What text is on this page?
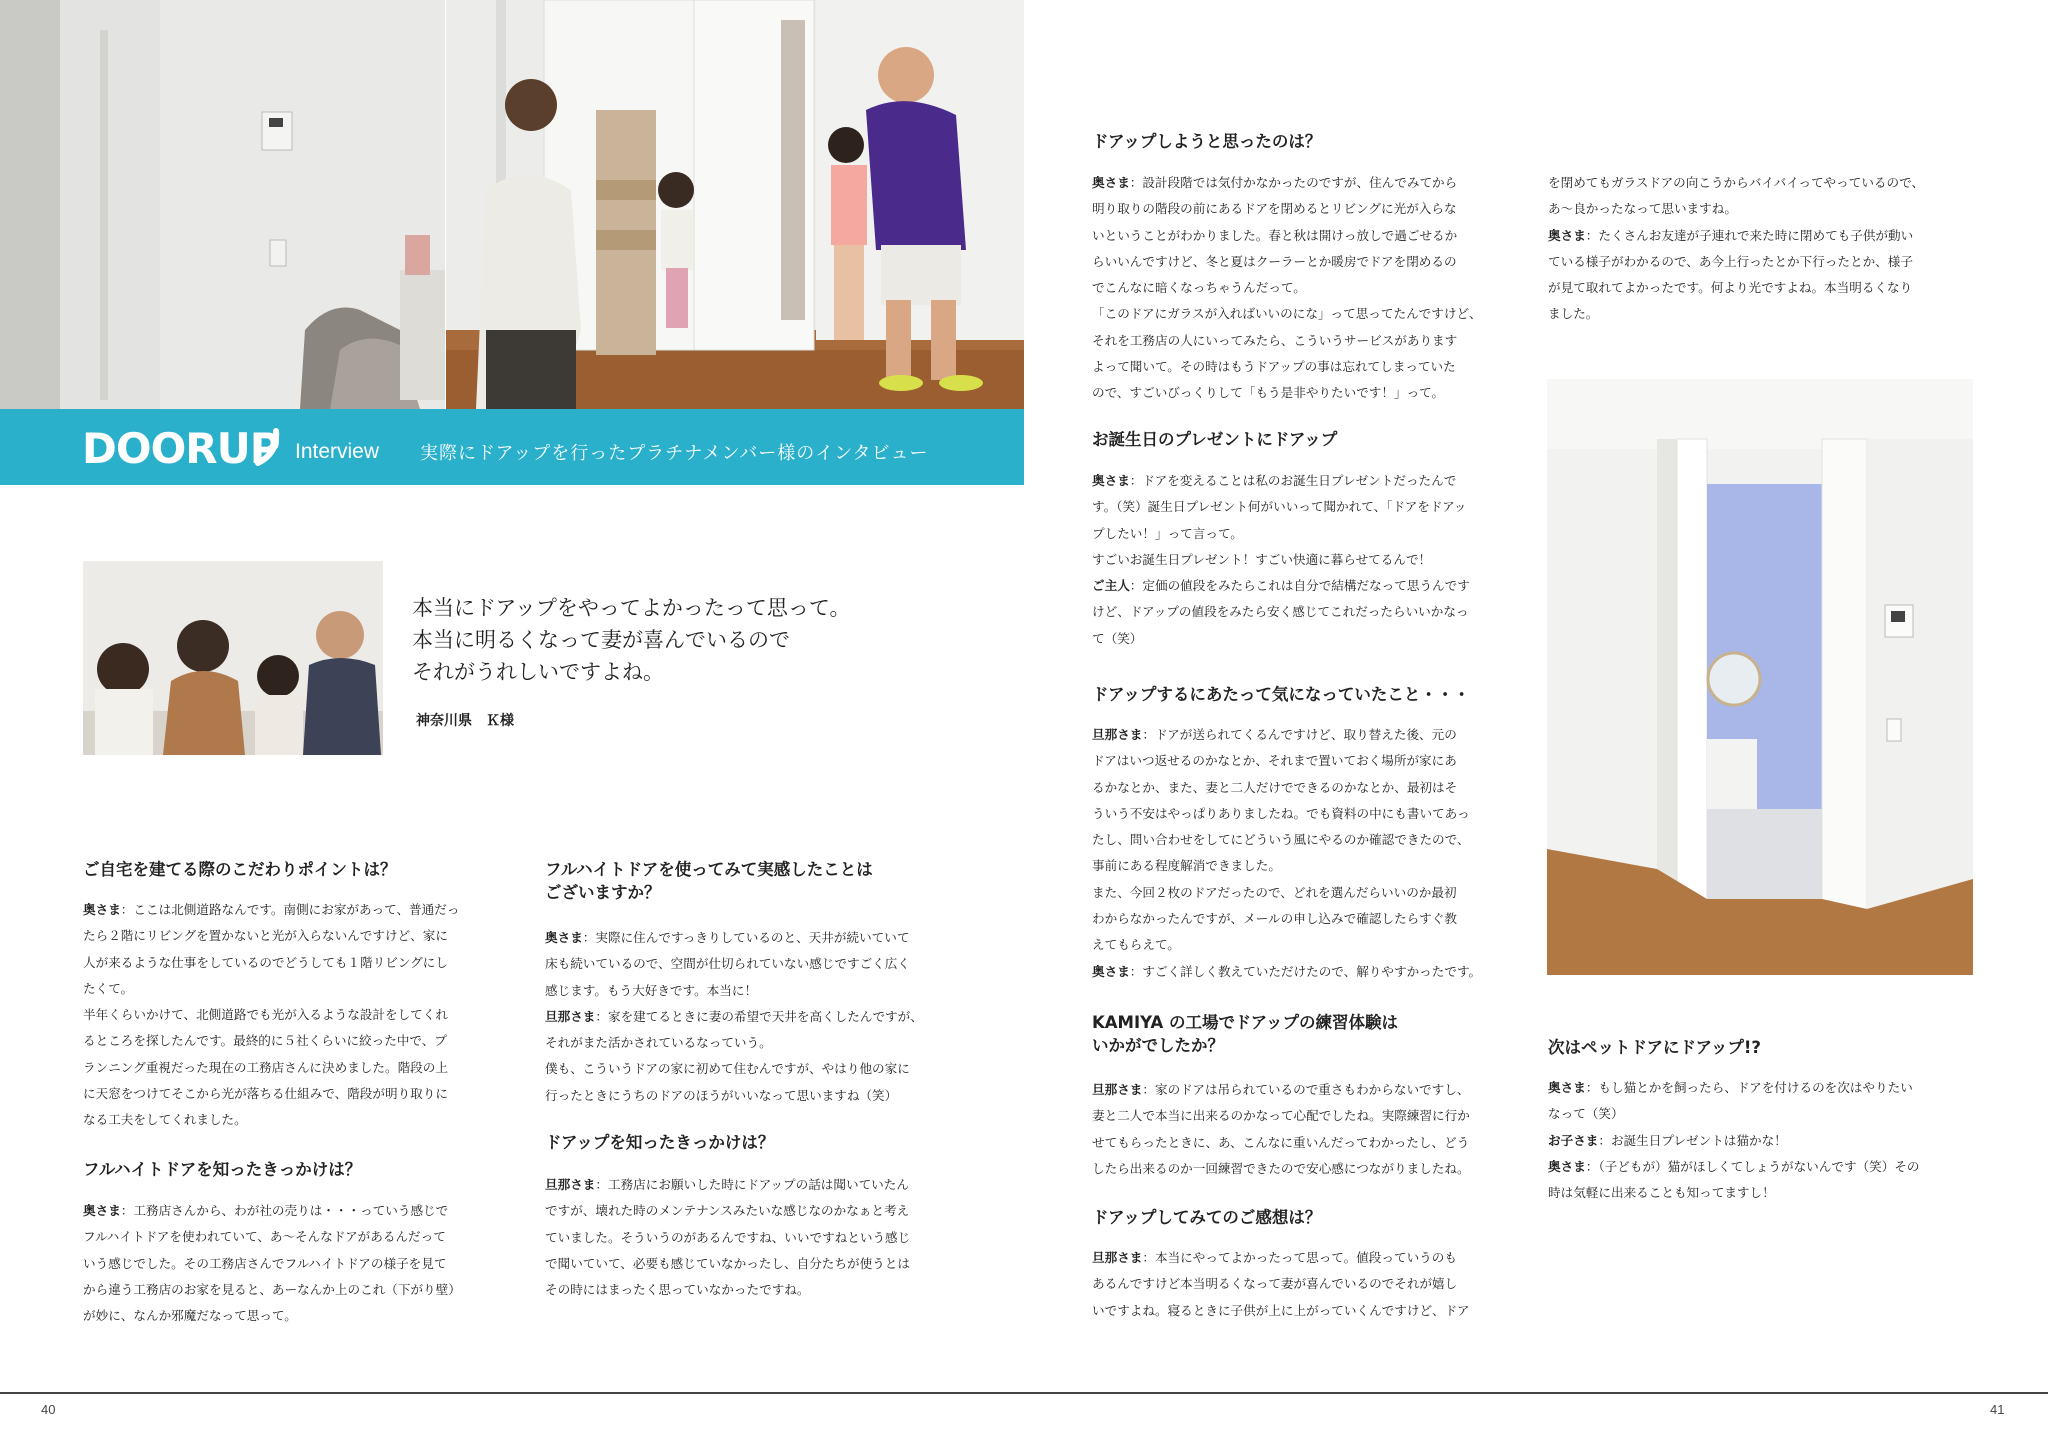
DOORUP Interview 実際にドアップを行ったプラチナメンバー様のインタビュー
本当にドアップをやってよかったって思って。
本当に明るくなって妻が喜んでいるので
それがうれしいですよね。
神奈川県　Ｋ様
ご自宅を建てる際のこだわりポイントは？
奥さま：ここは北側道路なんです。南側にお家があって、普通だっ
たら２階にリビングを置かないと光が入らないんですけど、家に
人が来るような仕事をしているのでどうしても１階リビングにし
たくて。
半年くらいかけて、北側道路でも光が入るような設計をしてくれ
るところを探したんです。最終的に５社くらいに絞った中で、プ
ランニング重視だった現在の工務店さんに決めました。階段の上
に天窓をつけてそこから光が落ちる仕組みで、階段が明り取りに
なる工夫をしてくれました。
フルハイトドアを知ったきっかけは？
奥さま：工務店さんから、わが社の売りは・・・っていう感じで
フルハイトドアを使われていて、あ〜そんなドアがあるんだって
いう感じでした。その工務店さんでフルハイトドアの様子を見て
から違う工務店のお家を見ると、あーなんか上のこれ（下がり壁）
が妙に、なんか邪魔だなって思って。
フルハイトドアを使ってみて実感したことは
ございますか？
奥さま：実際に住んですっきりしているのと、天井が続いていて
床も続いているので、空間が仕切られていない感じですごく広く
感じます。もう大好きです。本当に！
旦那さま：家を建てるときに妻の希望で天井を高くしたんですが、
それがまた活かされているなっていう。
僕も、こういうドアの家に初めて住むんですが、やはり他の家に
行ったときにうちのドアのほうがいいなって思いますね（笑）
ドアップを知ったきっかけは？
旦那さま：工務店にお願いした時にドアップの話は聞いていたん
ですが、壊れた時のメンテナンスみたいな感じなのかなぁと考え
ていました。そういうのがあるんですね、いいですねという感じ
で聞いていて、必要も感じていなかったし、自分たちが使うとは
その時にはまったく思っていなかったですね。
ドアップしようと思ったのは？
奥さま：設計段階では気付かなかったのですが、住んでみてから
明り取りの階段の前にあるドアを閉めるとリビングに光が入らな
いということがわかりました。春と秋は開けっ放しで過ごせるか
らいいんですけど、冬と夏はクーラーとか暖房でドアを閉めるの
でこんなに暗くなっちゃうんだって。
「このドアにガラスが入ればいいのにな」って思ってたんですけど、
それを工務店の人にいってみたら、こういうサービスがあります
よって聞いて。その時はもうドアップの事は忘れてしまっていた
ので、すごいびっくりして「もう是非やりたいです！」って。
お誕生日のプレゼントにドアップ
奥さま：ドアを変えることは私のお誕生日プレゼントだったんで
す。（笑）誕生日プレゼント何がいいって聞かれて、「ドアをドアッ
プしたい！」って言って。
すごいお誕生日プレゼント！すごい快適に暮らせてるんで！
ご主人：定価の値段をみたらこれは自分で結構だなって思うんです
けど、ドアップの値段をみたら安く感じてこれだったらいいかなっ
て（笑）
ドアップするにあたって気になっていたこと・・・
旦那さま：ドアが送られてくるんですけど、取り替えた後、元の
ドアはいつ返せるのかなとか、それまで置いておく場所が家にあ
るかなとか、また、妻と二人だけでできるのかなとか、最初はそ
ういう不安はやっぱりありましたね。でも資料の中にも書いてあっ
たし、問い合わせをしてにどういう風にやるのか確認できたので、
事前にある程度解消できました。
また、今回２枚のドアだったので、どれを選んだらいいのか最初
わからなかったんですが、メールの申し込みで確認したらすぐ教
えてもらえて。
奥さま：すごく詳しく教えていただけたので、解りやすかったです。
KAMIYA の工場でドアップの練習体験は
いかがでしたか？
旦那さま：家のドアは吊られているので重さもわからないですし、
妻と二人で本当に出来るのかなって心配でしたね。実際練習に行か
せてもらったときに、あ、こんなに重いんだってわかったし、どう
したら出来るのか一回練習できたので安心感につながりましたね。
ドアップしてみてのご感想は？
旦那さま：本当にやってよかったって思って。値段っていうのも
あるんですけど本当明るくなって妻が喜んでいるのでそれが嬉し
いですよね。寝るときに子供が上に上がっていくんですけど、ドア
を閉めてもガラスドアの向こうからバイバイってやっているので、
あ〜良かったなって思いますね。
奥さま：たくさんお友達が子連れで来た時に閉めても子供が動い
ている様子がわかるので、あ今上行ったとか下行ったとか、様子
が見て取れてよかったです。何より光ですよね。本当明るくなり
ました。
次はペットドアにドアップ!?
奥さま：もし猫とかを飼ったら、ドアを付けるのを次はやりたい
なって（笑）
お子さま：お誕生日プレゼントは猫かな！
奥さま：（子どもが）猫がほしくてしょうがないんです（笑）その
時は気軽に出来ることも知ってますし！
40	41
